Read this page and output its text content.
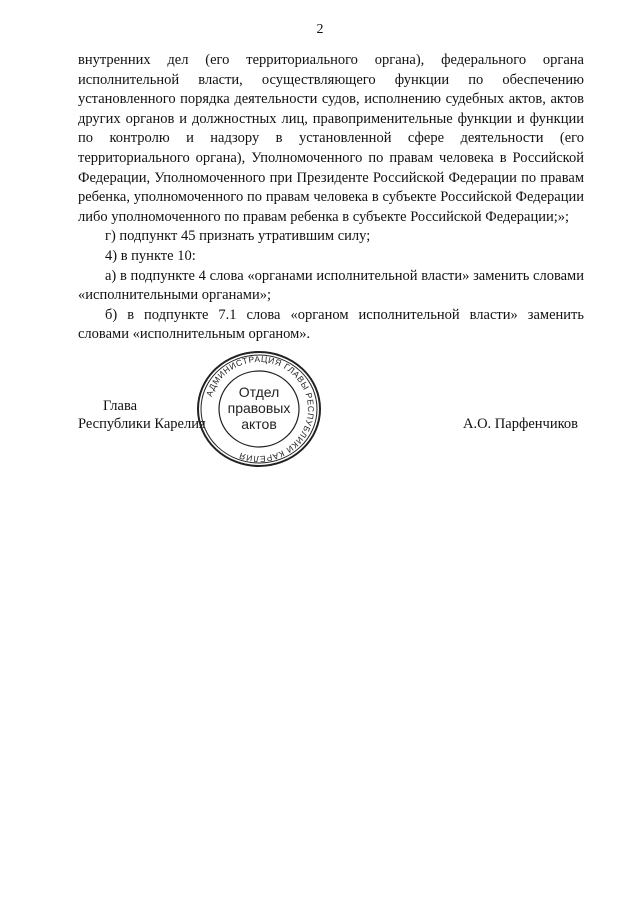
2

внутренних дел (его территориального органа), федерального органа исполнительной власти, осуществляющего функции по обеспечению установленного порядка деятельности судов, исполнению судебных актов, актов других органов и должностных лиц, правоприменительные функции и функции по контролю и надзору в установленной сфере деятельности (его территориального органа), Уполномоченного по правам человека в Российской Федерации, Уполномоченного при Президенте Российской Федерации по правам ребенка, уполномоченного по правам человека в субъекте Российской Федерации либо уполномоченного по правам ребенка в субъекте Российской Федерации;»;

г) подпункт 45 признать утратившим силу;

4) в пункте 10:

а) в подпункте 4 слова «органами исполнительной власти» заменить словами «исполнительными органами»;

б) в подпункте 7.1 слова «органом исполнительной власти» заменить словами «исполнительным органом».

Глава
Республики Карелия	А.О. Парфенчиков
АДМИНИСТРАЦИЯ ГЛАВЫ РЕСПУБЛИКИ КАРЕЛИЯ
Отдел
правовых
актов
